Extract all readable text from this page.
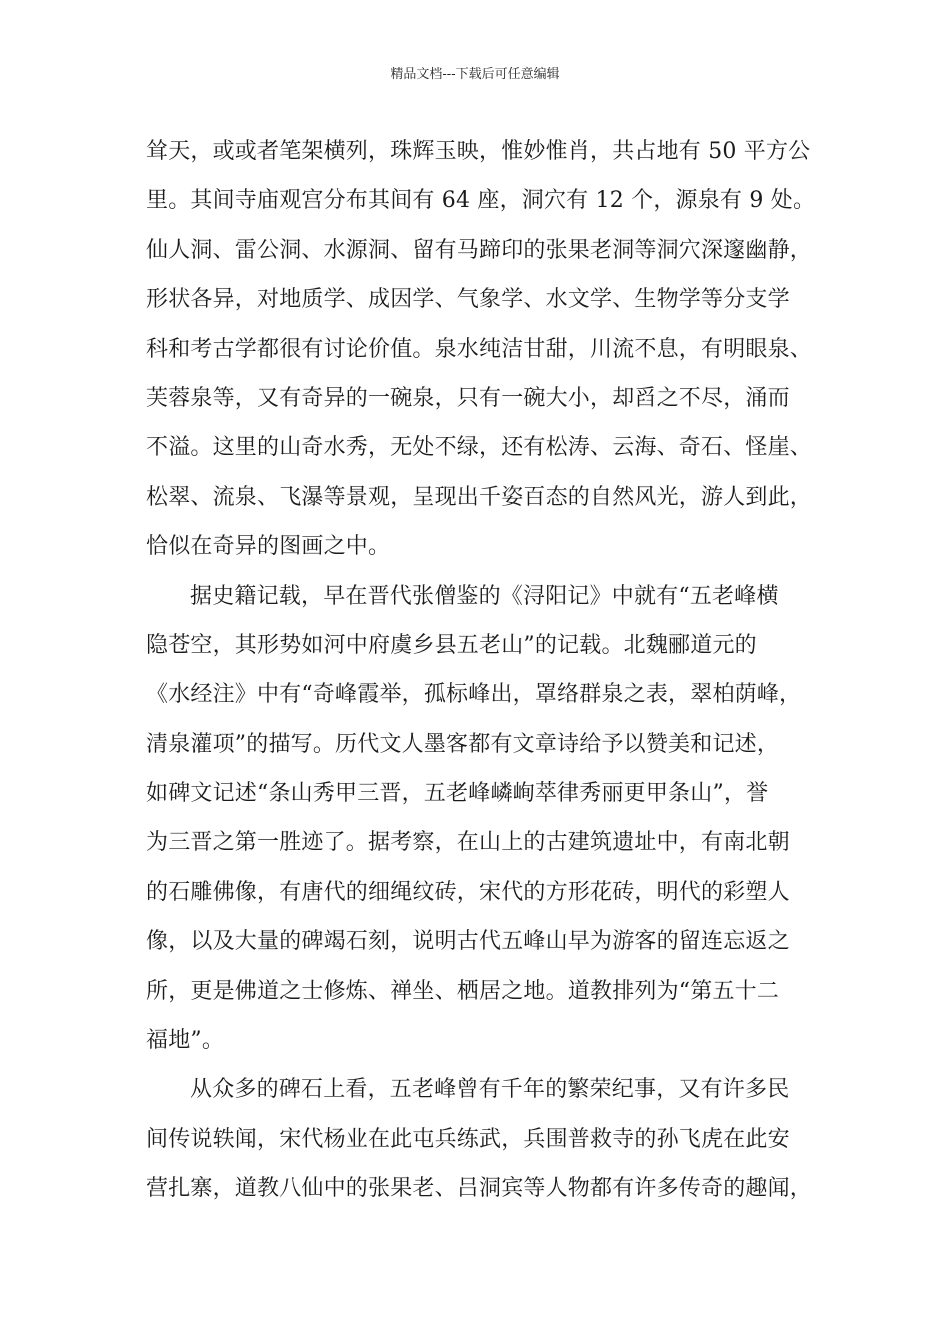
精品文档---下载后可任意编辑
耸天，或或者笔架横列，珠辉玉映，惟妙惟肖，共占地有 50 平方公
里。其间寺庙观宫分布其间有 64 座，洞穴有 12 个，源泉有 9 处。
仙人洞、雷公洞、水源洞、留有马蹄印的张果老洞等洞穴深邃幽静，
形状各异，对地质学、成因学、气象学、水文学、生物学等分支学
科和考古学都很有讨论价值。泉水纯洁甘甜，川流不息，有明眼泉、
芙蓉泉等，又有奇异的一碗泉，只有一碗大小，却舀之不尽，涌而
不溢。这里的山奇水秀，无处不绿，还有松涛、云海、奇石、怪崖、
松翠、流泉、飞瀑等景观，呈现出千姿百态的自然风光，游人到此，
恰似在奇异的图画之中。
据史籍记载，早在晋代张僧鉴的《浔阳记》中就有“五老峰横
隐苍空，其形势如河中府虞乡县五老山”的记载。北魏郦道元的
《水经注》中有“奇峰霞举，孤标峰出，罩络群泉之表，翠柏荫峰，
清泉灌项”的描写。历代文人墨客都有文章诗给予以赞美和记述，
如碑文记述“条山秀甲三晋，五老峰嶙峋萃律秀丽更甲条山”，誉
为三晋之第一胜迹了。据考察，在山上的古建筑遗址中，有南北朝
的石雕佛像，有唐代的细绳纹砖，宋代的方形花砖，明代的彩塑人
像，以及大量的碑竭石刻，说明古代五峰山早为游客的留连忘返之
所，更是佛道之士修炼、禅坐、栖居之地。道教排列为“第五十二
福地”。
从众多的碑石上看，五老峰曾有千年的繁荣纪事，又有许多民
间传说轶闻，宋代杨业在此屯兵练武，兵围普救寺的孙飞虎在此安
营扎寨，道教八仙中的张果老、吕洞宾等人物都有许多传奇的趣闻，
